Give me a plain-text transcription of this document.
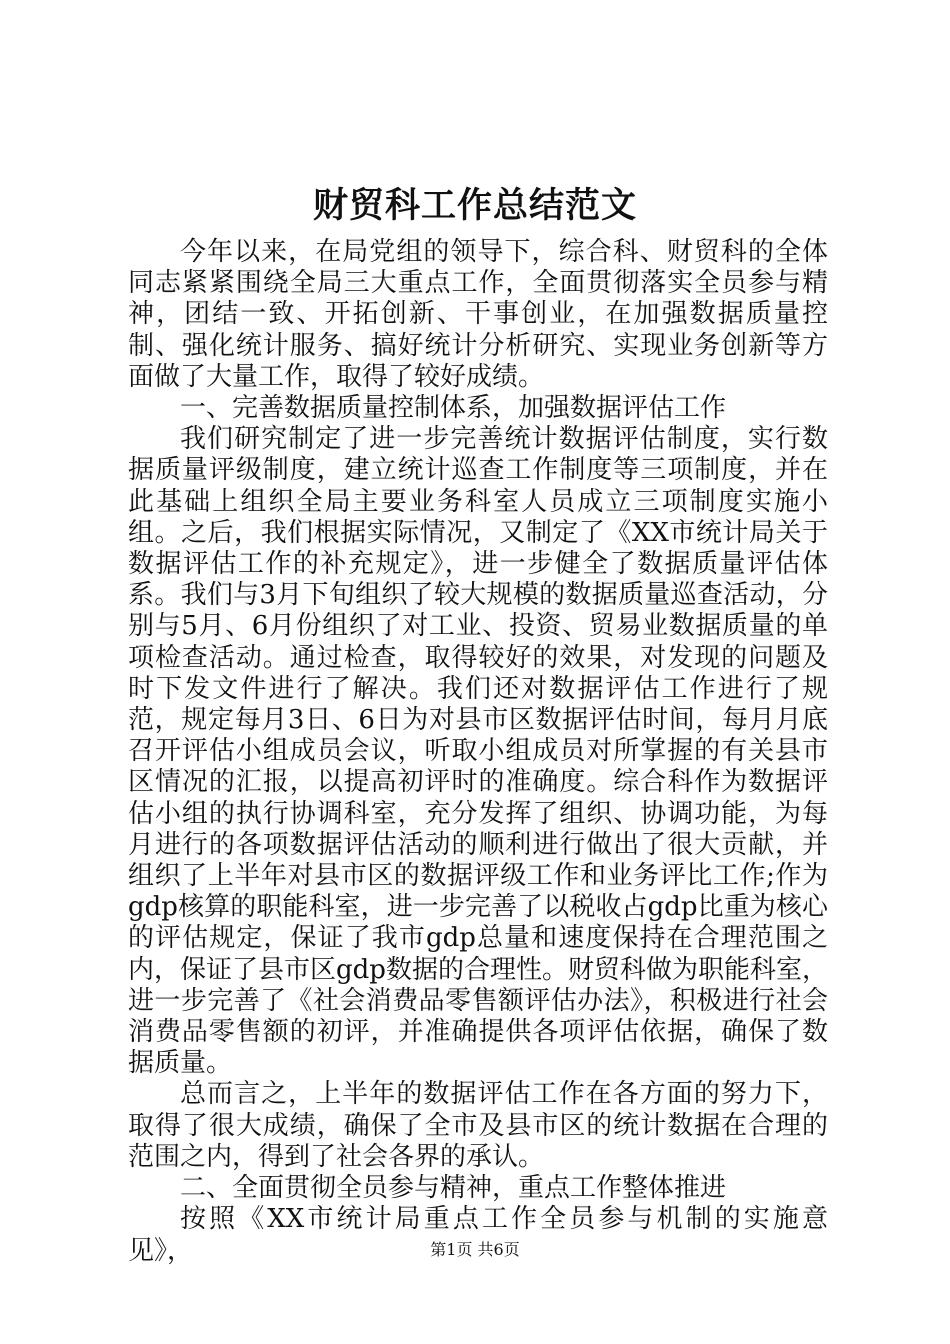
财贸科工作总结范文

今年以来，在局党组的领导下，综合科、财贸科的全体同志紧紧围绕全局三大重点工作，全面贯彻落实全员参与精神，团结一致、开拓创新、干事创业，在加强数据质量控制、强化统计服务、搞好统计分析研究、实现业务创新等方面做了大量工作，取得了较好成绩。

一、完善数据质量控制体系，加强数据评估工作

我们研究制定了进一步完善统计数据评估制度，实行数据质量评级制度，建立统计巡查工作制度等三项制度，并在此基础上组织全局主要业务科室人员成立三项制度实施小组。之后，我们根据实际情况，又制定了《XX市统计局关于数据评估工作的补充规定》，进一步健全了数据质量评估体系。我们与3月下旬组织了较大规模的数据质量巡查活动，分别与5月、6月份组织了对工业、投资、贸易业数据质量的单项检查活动。通过检查，取得较好的效果，对发现的问题及时下发文件进行了解决。我们还对数据评估工作进行了规范，规定每月3日、6日为对县市区数据评估时间，每月月底召开评估小组成员会议，听取小组成员对所掌握的有关县市区情况的汇报，以提高初评时的准确度。综合科作为数据评估小组的执行协调科室，充分发挥了组织、协调功能，为每月进行的各项数据评估活动的顺利进行做出了很大贡献，并组织了上半年对县市区的数据评级工作和业务评比工作;作为gdp核算的职能科室，进一步完善了以税收占gdp比重为核心的评估规定，保证了我市gdp总量和速度保持在合理范围之内，保证了县市区gdp数据的合理性。财贸科做为职能科室，进一步完善了《社会消费品零售额评估办法》，积极进行社会消费品零售额的初评，并准确提供各项评估依据，确保了数据质量。

总而言之，上半年的数据评估工作在各方面的努力下，取得了很大成绩，确保了全市及县市区的统计数据在合理的范围之内，得到了社会各界的承认。

二、全面贯彻全员参与精神，重点工作整体推进

按照《XX市统计局重点工作全员参与机制的实施意见》，	第1页 共6页
